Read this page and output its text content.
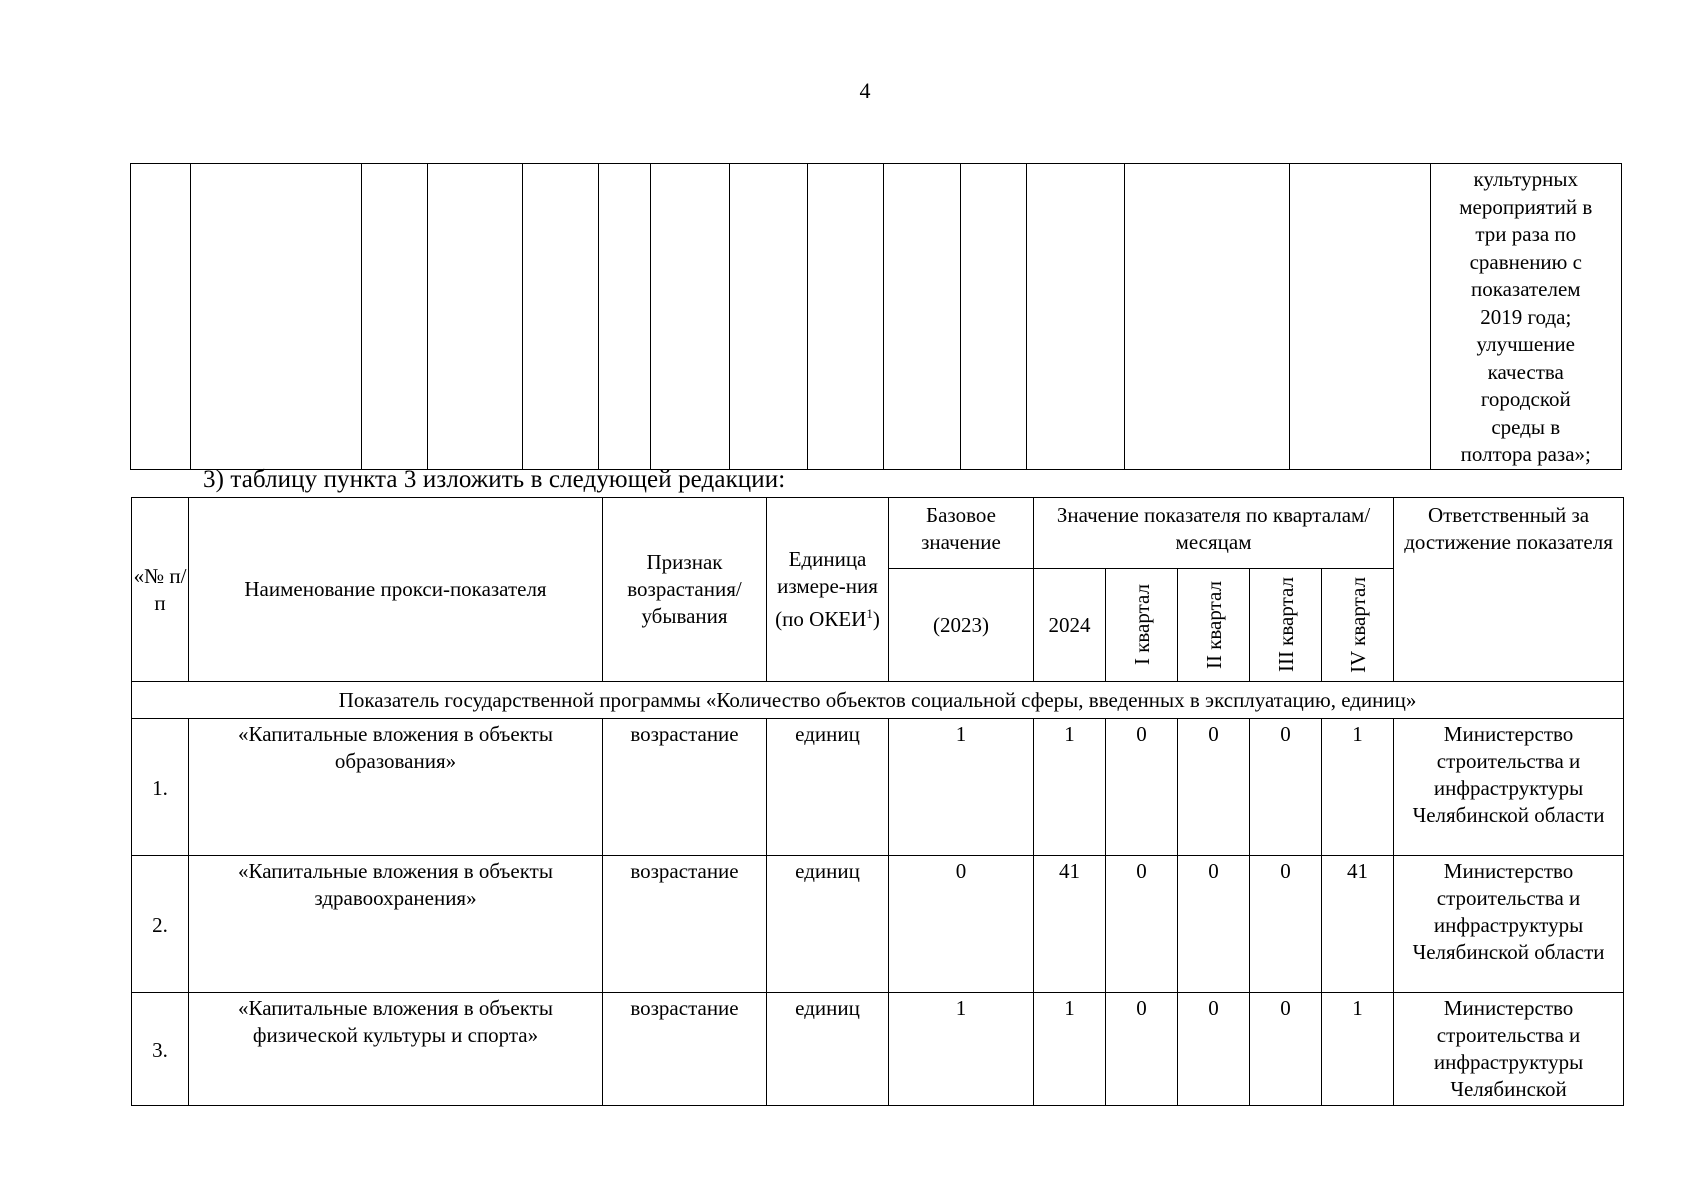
4

культурных
мероприятий в
три раза по
сравнению с
показателем
2019 года;
улучшение
качества
городской
среды в
полтора раза»;
3) таблицу пункта 3 изложить в следующей редакции:
«№ п/п	Наименование прокси-показателя	Признак возрастания/ убывания	Единица измере-ния (по ОКЕИ$^1$)	Базовое значение	Значение показателя по кварталам/месяцам					Ответственный за достижение показателя
				(2023)	2024	I квартал	II квартал	III квартал	IV квартал	

Показатель государственной программы «Количество объектов социальной сферы, введенных в эксплуатацию, единиц»										
1.	«Капитальные вложения в объекты образования»	возрастание	единиц	1	1	0	0	0	1	Министерство строительства и инфраструктуры Челябинской области
2.	«Капитальные вложения в объекты здравоохранения»	возрастание	единиц	0	41	0	0	0	41	Министерство строительства и инфраструктуры Челябинской области
3.	«Капитальные вложения в объекты физической культуры и спорта»	возрастание	единиц	1	1	0	0	0	1	Министерство строительства и инфраструктуры Челябинской
